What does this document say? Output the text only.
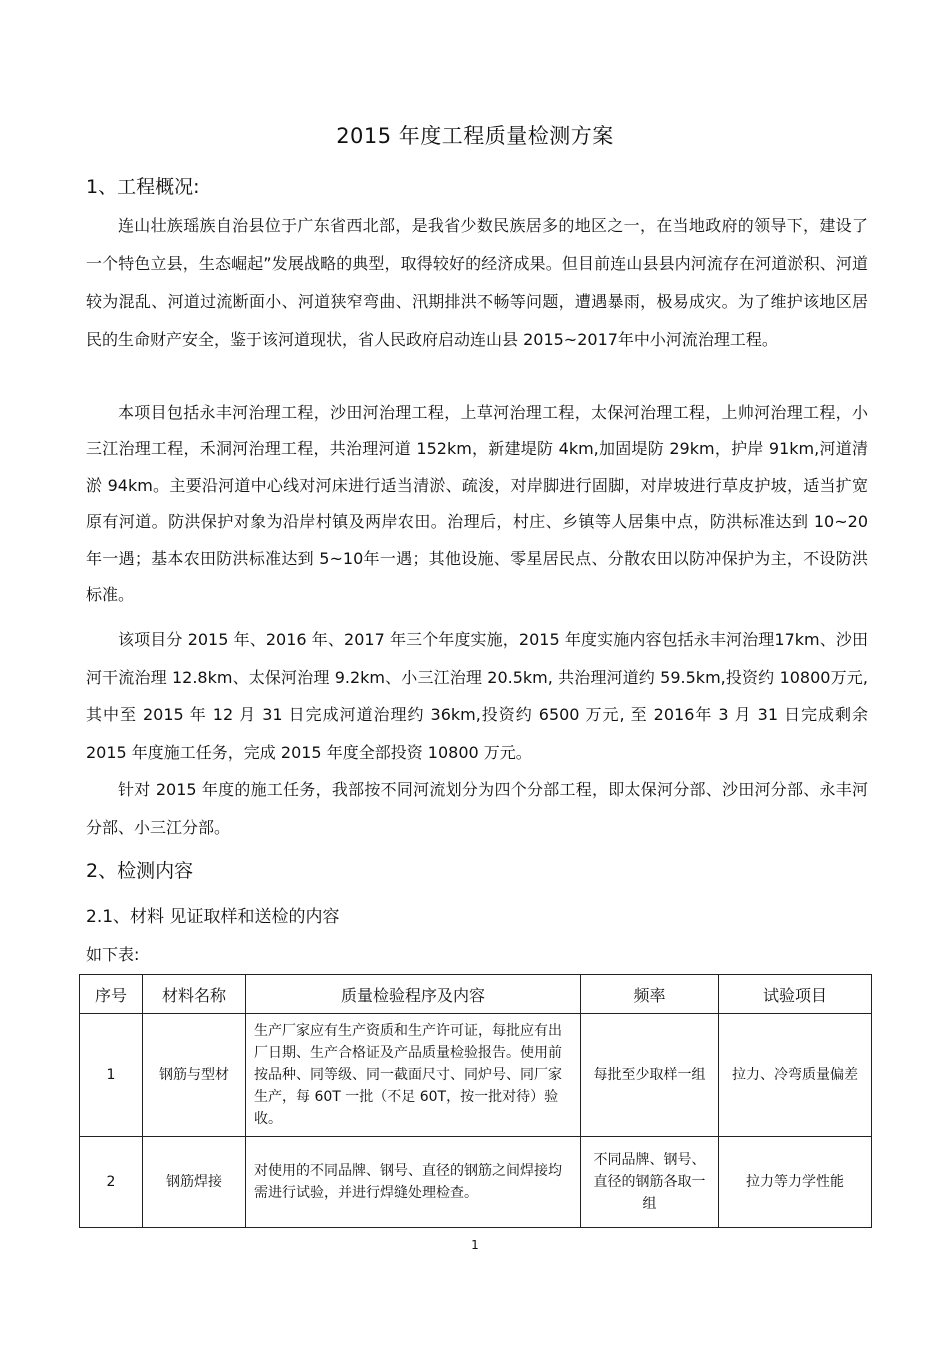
2015 年度工程质量检测方案
1、工程概况:

连山壮族瑶族自治县位于广东省西北部，是我省少数民族居多的地区之一，在当地政府的领导下，建设了一个特色立县，生态崛起”发展战略的典型，取得较好的经济成果。但目前连山县县内河流存在河道淤积、河道较为混乱、河道过流断面小、河道狭窄弯曲、汛期排洪不畅等问题，遭遇暴雨，极易成灾。为了维护该地区居民的生命财产安全，鉴于该河道现状，省人民政府启动连山县 2015~2017年中小河流治理工程。

本项目包括永丰河治理工程，沙田河治理工程，上草河治理工程，太保河治理工程，上帅河治理工程，小三江治理工程，禾洞河治理工程，共治理河道 152km，新建堤防 4km,加固堤防 29km，护岸 91km,河道清淤 94km。主要沿河道中心线对河床进行适当清淤、疏浚，对岸脚进行固脚，对岸坡进行草皮护坡，适当扩宽原有河道。防洪保护对象为沿岸村镇及两岸农田。治理后，村庄、乡镇等人居集中点，防洪标准达到 10~20 年一遇；基本农田防洪标准达到 5~10年一遇；其他设施、零星居民点、分散农田以防冲保护为主，不设防洪标准。

该项目分 2015 年、2016 年、2017 年三个年度实施，2015 年度实施内容包括永丰河治理17km、沙田河干流治理 12.8km、太保河治理 9.2km、小三江治理 20.5km, 共治理河道约 59.5km,投资约 10800万元, 其中至 2015 年 12 月 31 日完成河道治理约 36km,投资约 6500 万元, 至 2016年 3 月 31 日完成剩余 2015 年度施工任务，完成 2015 年度全部投资 10800 万元。

针对 2015 年度的施工任务，我部按不同河流划分为四个分部工程，即太保河分部、沙田河分部、永丰河分部、小三江分部。

2、检测内容
2.1、材料 见证取样和送检的内容
如下表:
序号	材料名称	质量检验程序及内容	频率	试验项目
1	钢筋与型材	生产厂家应有生产资质和生产许可证，每批应有出厂日期、生产合格证及产品质量检验报告。使用前按品种、同等级、同一截面尺寸、同炉号、同厂家生产，每 60T 一批（不足 60T，按一批对待）验收。	每批至少取样一组	拉力、冷弯质量偏差
2	钢筋焊接	对使用的不同品牌、钢号、直径的钢筋之间焊接均需进行试验，并进行焊缝处理检查。	不同品牌、钢号、直径的钢筋各取一组	拉力等力学性能
1
